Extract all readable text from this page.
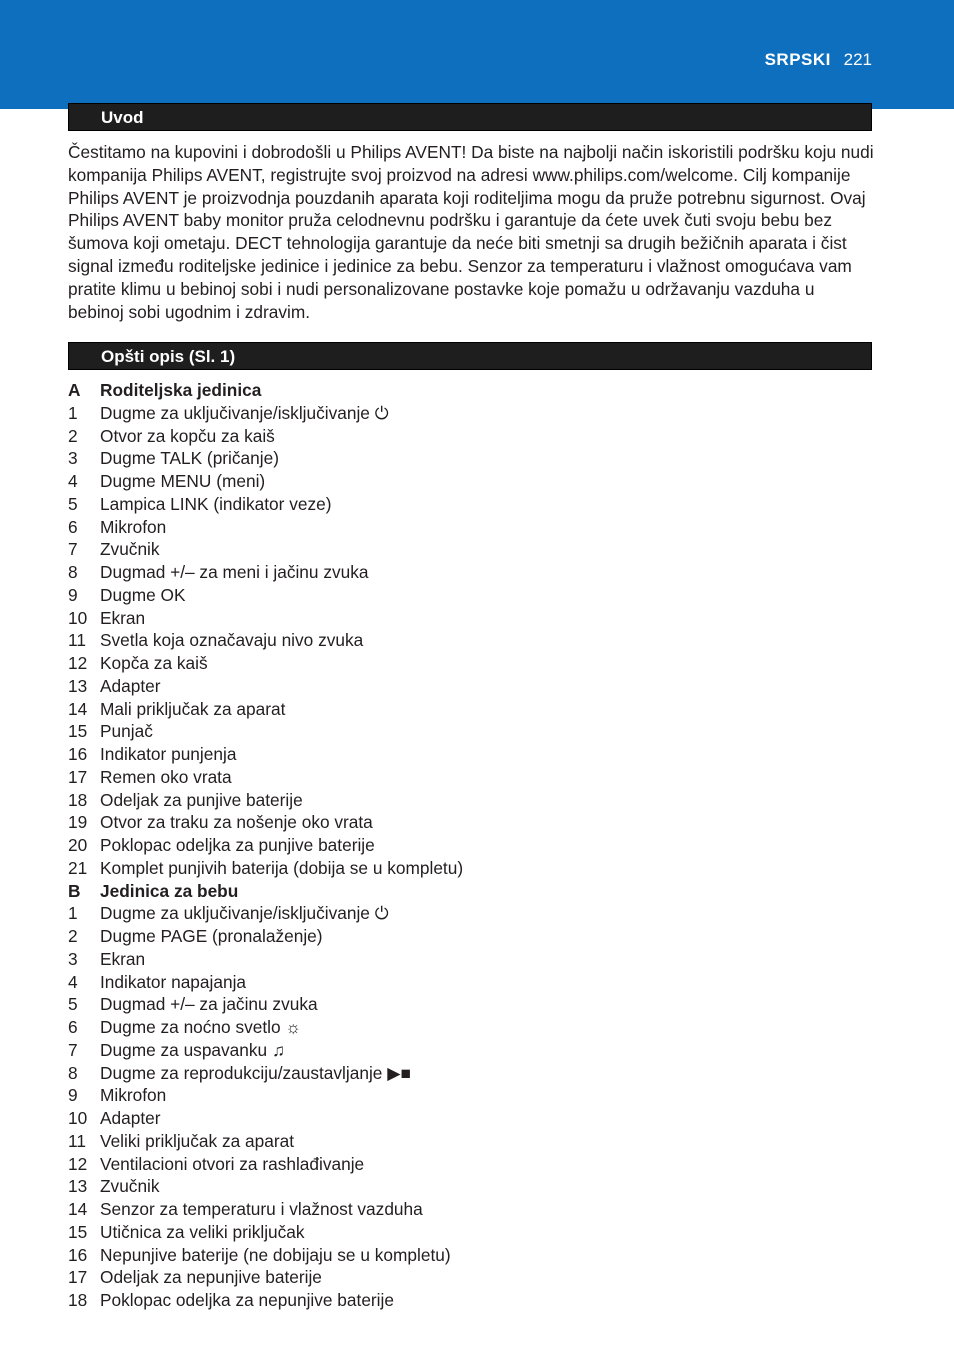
SRPSKI 221
Uvod

Čestitamo na kupovini i dobrodošli u Philips AVENT! Da biste na najbolji način iskoristili podršku koju nudi kompanija Philips AVENT, registrujte svoj proizvod na adresi www.philips.com/welcome. Cilj kompanije Philips AVENT je proizvodnja pouzdanih aparata koji roditeljima mogu da pruže potrebnu sigurnost. Ovaj Philips AVENT baby monitor pruža celodnevnu podršku i garantuje da ćete uvek čuti svoju bebu bez šumova koji ometaju. DECT tehnologija garantuje da neće biti smetnji sa drugih bežičnih aparata i čist signal između roditeljske jedinice i jedinice za bebu. Senzor za temperaturu i vlažnost omogućava vam pratite klimu u bebinoj sobi i nudi personalizovane postavke koje pomažu u održavanju vazduha u bebinoj sobi ugodnim i zdravim.

Opšti opis (Sl. 1)
A Roditeljska jedinica
1 Dugme za uključivanje/isključivanje ⏻
2 Otvor za kopču za kaiš
3 Dugme TALK (pričanje)
4 Dugme MENU (meni)
5 Lampica LINK (indikator veze)
6 Mikrofon
7 Zvučnik
8 Dugmad +/– za meni i jačinu zvuka
9 Dugme OK
10 Ekran
11 Svetla koja označavaju nivo zvuka
12 Kopča za kaiš
13 Adapter
14 Mali priključak za aparat
15 Punjač
16 Indikator punjenja
17 Remen oko vrata
18 Odeljak za punjive baterije
19 Otvor za traku za nošenje oko vrata
20 Poklopac odeljka za punjive baterije
21 Komplet punjivih baterija (dobija se u kompletu)
B Jedinica za bebu
1 Dugme za uključivanje/isključivanje ⏻
2 Dugme PAGE (pronalaženje)
3 Ekran
4 Indikator napajanja
5 Dugmad +/– za jačinu zvuka
6 Dugme za noćno svetlo ☼
7 Dugme za uspavanku ♫
8 Dugme za reprodukciju/zaustavljanje ▶■
9 Mikrofon
10 Adapter
11 Veliki priključak za aparat
12 Ventilacioni otvori za rashlađivanje
13 Zvučnik
14 Senzor za temperaturu i vlažnost vazduha
15 Utičnica za veliki priključak
16 Nepunjive baterije (ne dobijaju se u kompletu)
17 Odeljak za nepunjive baterije
18 Poklopac odeljka za nepunjive baterije
